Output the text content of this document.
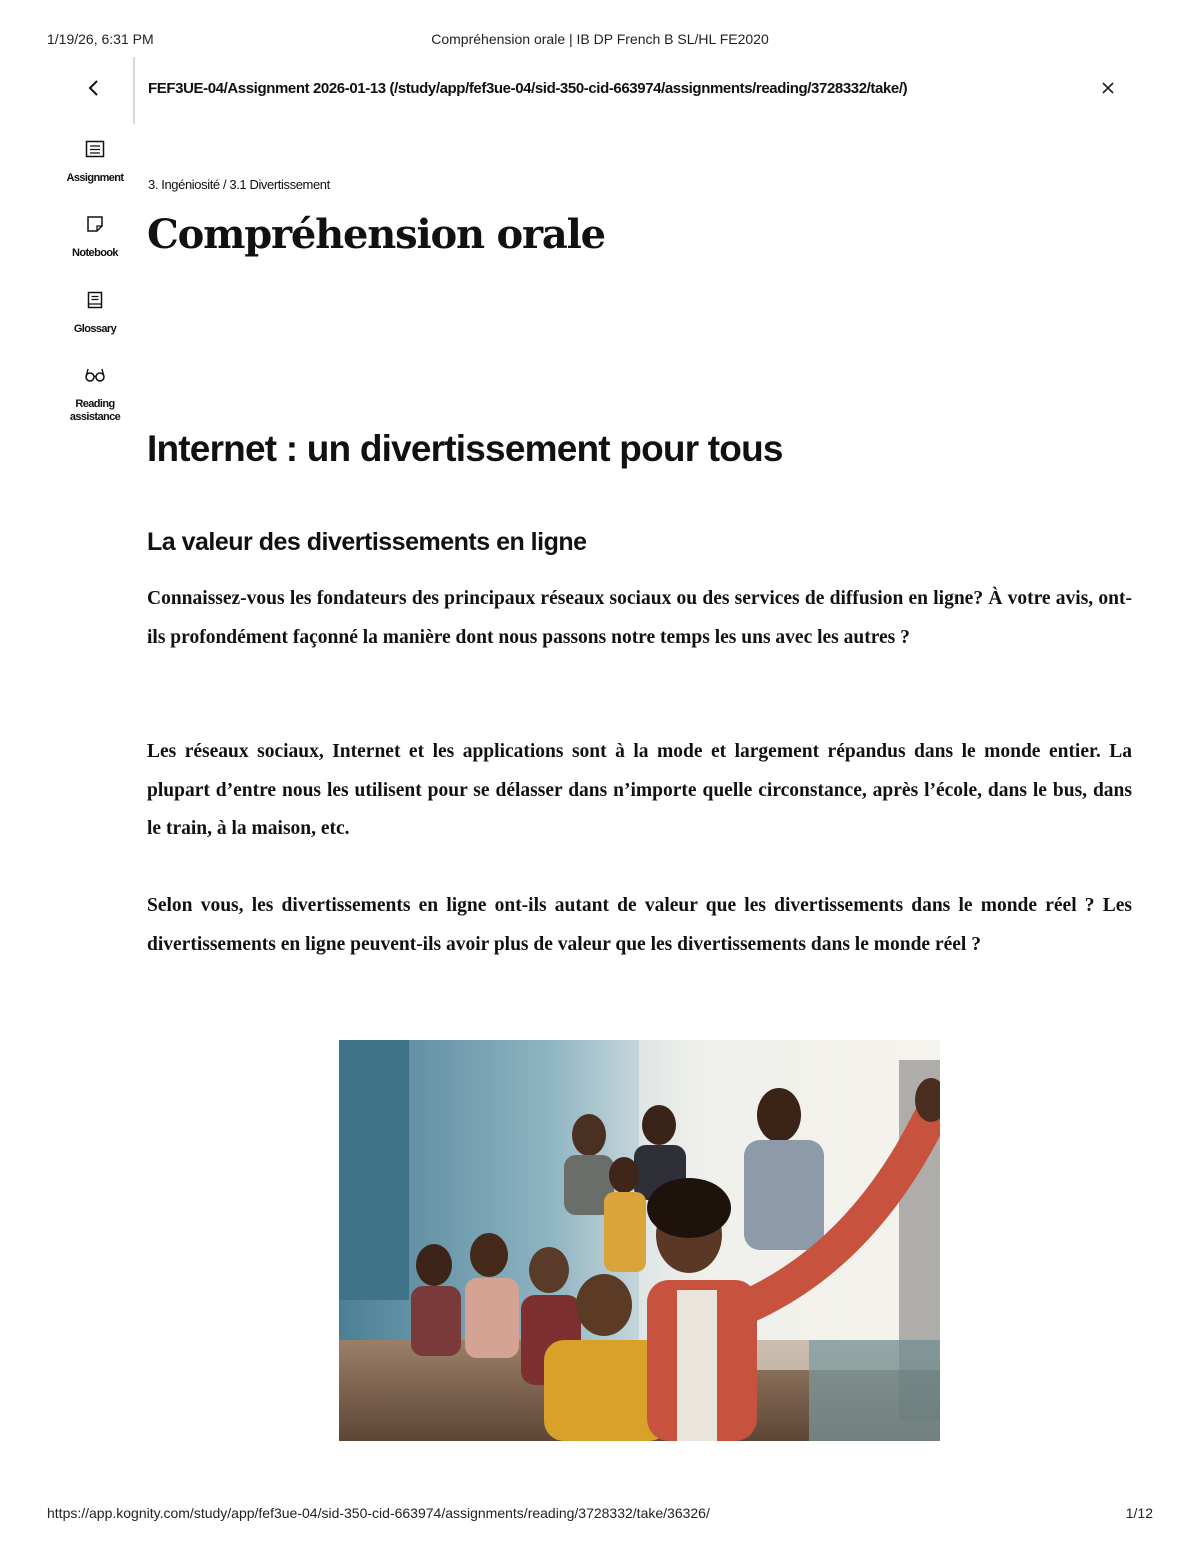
1/19/26, 6:31 PM	Compréhension orale | IB DP French B SL/HL FE2020
FEF3UE-04/Assignment 2026-01-13 (/study/app/fef3ue-04/sid-350-cid-663974/assignments/reading/3728332/take/)
Assignment
Notebook
Glossary
Reading assistance
3. Ingéniosité / 3.1 Divertissement
Compréhension orale
Internet : un divertissement pour tous
La valeur des divertissements en ligne

Connaissez-vous les fondateurs des principaux réseaux sociaux ou des services de diffusion en ligne? À votre avis, ont-ils profondément façonné la manière dont nous passons notre temps les uns avec les autres ?

Les réseaux sociaux, Internet et les applications sont à la mode et largement répandus dans le monde entier. La plupart d’entre nous les utilisent pour se délasser dans n’importe quelle circonstance, après l’école, dans le bus, dans le train, à la maison, etc.

Selon vous, les divertissements en ligne ont-ils autant de valeur que les divertissements dans le monde réel ? Les divertissements en ligne peuvent-ils avoir plus de valeur que les divertissements dans le monde réel ?

https://app.kognity.com/study/app/fef3ue-04/sid-350-cid-663974/assignments/reading/3728332/take/36326/	1/12
